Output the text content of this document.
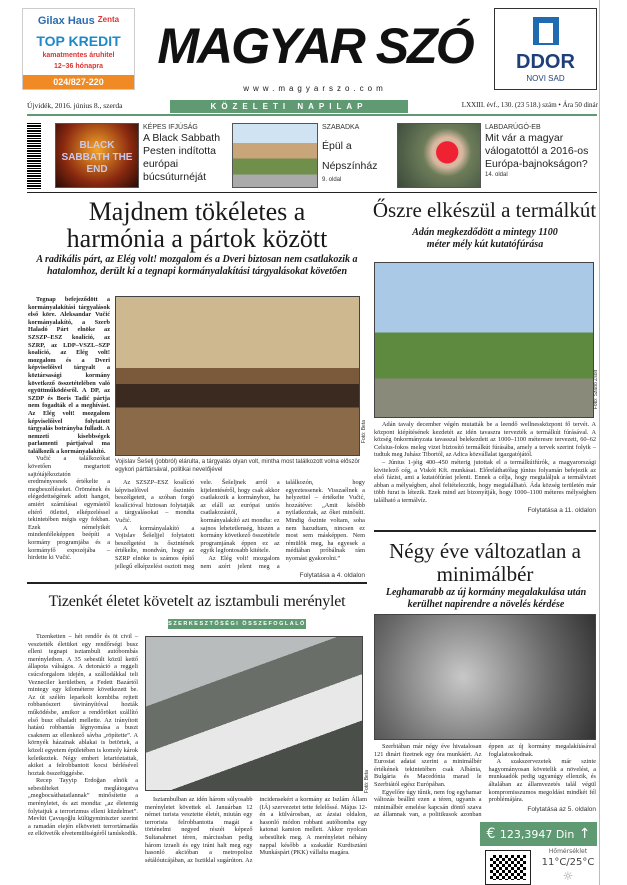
Gilax Haus $^{Zenta}$
TOP KREDIT
kamatmentes áruhitel
12–36 hónapra
024/827-220
MAGYAR SZÓ
www.magyarszo.com
DDOR
NOVI SAD
Újvidék, 2016. június 8., szerda	KÖZELETI NAPILAP	LXXIII. évf., 130. (23 518.) szám • Ára 50 dinár
BLACK SABBATH THE END
KÉPES IFJÚSÁG
A Black Sabbath Pesten indította európai búcsúturnéját
SZABADKA
Épül a Népszínház
9. oldal
LABDARÚGÓ-EB
Mit vár a magyar válogatottól a 2016-os Európa-bajnokságon?
14. oldal
Majdnem tökéletes a harmónia a pártok között
A radikális párt, az Elég volt! mozgalom és a Dveri biztosan nem csatlakozik a hatalomhoz, derült ki a tegnapi kormányalakítási tárgyalásokat követően

Tegnap befejeződött a kormányalakítási tárgyalások első köre. Aleksandar Vučić kormányalakító, a Szerb Haladó Párt elnöke az SZSZP–ESZ koalíció, az SZRP, az LDP–VSZL–SZP koalíció, az Elég volt! mozgalom és a Dveri képviselőivel tárgyalt a köztársasági kormány következő összetételében való együttműködésről. A DP, az SZDP és Boris Tadić pártja nem fogadták el a meghívást. Az Elég volt! mozgalom képviselőivel folytatott tárgyalás botrányba fulladt. A nemzeti kisebbségek parlamenti pártjaival ma találkozik a kormányalakító.

Vučić a találkozókat követően megtartott sajtótájékoztatón eredményesnek értékelte a megbeszéléseket. Örömének és elégedettségének adott hangot, amiért számításai egymástól eltérő ötlettel, elképzeléssel tekintetében mégis egy fokban. Ezek némelyikét mindenféleképpen beépíti a kormány programjába és a kormányfő expozéjába – hirdette ki Vučić.

Fotó: Beta
Vojislav Šešelj (jobbról) elárulta, a tárgyalás olyan volt, mintha most találkozott volna először egykori párttársával, politikai nevelőjével

Az SZSZP–ESZ koalíció képviselőivel őszintén beszélgetett, a szóban forgó koalícióval biztosan folytatják a tárgyalásokat – mondta Vučić.

A kormányalakító a Vojislav Šešeljjel folytatott beszélgetést is őszintének értékelte, mondván, hogy az SZRP elnöke is számos építő jellegű elképzelést osztott meg vele. Šešeljnek arról a kijelentéséről, hogy csak akkor csatlakozik a kormányhoz, ha az eláll az európai uniós csatlakozástól, a kormányalakító azt mondta: ez sajnos lehetetlenség, hiszen a kormány következő összetétele programjának éppen ez az egyik legfontosabb kitétele.

Az Elég volt! mozgalom nem azért jelent meg a találkozón, hogy egyeztessenek. Visszaélnek a helyzettel – értékelte Vučić, hozzátéve: „Amit később nyilatkoztak, az őket minősíti. Mindig őszinte voltam, soha nem hazudtam, nincsen ez most sem másképpen. Nem rémülök meg, ha egyesek a médiában próbálnak rám nyomást gyakorolni.”

Folytatása a 4. oldalon
Tizenkét életet követelt az isztambuli merénylet
SZERKESZTŐSÉGI ÖSSZEFOGLALÓ

Tizenketten – hét rendőr és öt civil – vesztették életüket egy rendőrségi busz elleni tegnapi isztambuli autóbombás merényletben. A 35 sebesült közül kettő állapota válságos. A detonáció a reggeli csúcsforgalom idején, a szállodákkal teli Vezneciler kerületben, a Fedett Bazártól mintegy egy kilométerre következett be. Az út szélén leparkolt kombiba rejtett robbanószert távirányítóval hozták működésbe, amikor a rendőröket szállító első busz elhaladt mellette. Az irányított hatású robbantás légnyomása a buszt csaknem az ellenkező sávba „röpítette”. A környék házainak ablakai is betörtek, a közeli egyetem épületében is komoly károk keletkeztek. Négy embert letartóztattak, akiket a felrobbantott kocsi bérlésével hoztak összefüggésbe.

Recep Tayyip Erdoğan elnök a sebesülteket meglátogatva „megbocsáthatatlannak” minősítette a merényletet, és azt mondta: „az életemig folytatjuk a terrorizmus elleni küzdelmet”. Mevlüt Çavuşoğlu külügyminiszter szerint a ramadán elején elkövetett terrortámadás ez elkövetők elvetemültségéről tanúskodik.

Fotó: Beta

Isztambulban az idén három súlyosabb merényletet követtek el. Januárban 12 német turista vesztette életét, miután egy terrorista felrobbantotta magát a történelmi negyed részét képező Sultanahmet téren, márciusban pedig három izraeli és egy iráni halt meg egy hasonló akcióban a metropolisz sétálóutcájában, az Isztiklal sugárúton. Az incidensekért a kormány az Iszlám Állam (IÁ) szervezetet tette felelőssé. Május 12-én a külvárosban, az ázsiai oldalon, hasonló módon robbant autóbomba egy katonai kamion mellett. Akkor nyolcan sebesültek meg. A merényletet néhány nappal később a szakadár Kurdisztáni Munkáspárt (PKK) vállalta magára.

Őszre elkészül a termálkút
Adán megkezdődött a mintegy 1100 méter mély kút kutatófúrása
Fotó: Szabó Zsolt

Adán tavaly december végén mutatták be a leendő wellnessközpont fő tervét. A központ kiépítésének kezdetét az idén tavaszra tervezték a termálkút fúrásával. A község önkormányzata tavasszal belekezdett az 1000–1100 méteresre tervezett, 60–62 Celsius-fokos meleg vizet biztosító termálkút fúrásába, amely a tervek szerint folyik – tudtuk meg Juhász Tibortól, az Adica közvállalat igazgatójától.

– Június 1-jéig 400–450 méterig jutottak el a termálkútfúrók, a magyarországi kivitelező cég, a Viskót Kft. munkásai. Előreláthatólag június folyamán befejezik az első fázist, ami a kutatófúrást jelenti. Ennek a célja, hogy megtaláljuk a termálvizet abban a mélységben, ahol feltételezzük, hogy megtalálható. Áda község területén már több furat is létezik. Ezek mind azt bizonyítják, hogy 1000–1100 méteres mélységben található a termálvíz.

Folytatása a 11. oldalon
Négy éve változatlan a minimálbér
Leghamarabb az új kormány megalakulása után kerülhet napirendre a növelés kérdése

Szerbiában már négy éve hivatalosan 121 dinárt fizetnek egy óra munkáért. Az Eurostat adatai szerint a minimálbér értékének tekintetében csak Albánia, Bulgária és Macedónia marad le Szerbiától egész Európában.

Egyelőre úgy tűnik, nem fog egyhamar változás beállni ezen a téren, ugyanis a minimálbér emelése kapcsán döntő szava az államnak van, a politikusok azonban éppen az új kormány megalakításával foglalatoskodnak.

A szakszervezetek már szinte hagyományosan követelik a növelést, a munkaadók pedig ugyanúgy ellenzik, és általában az államvezetés talál végül kompromisszumos megoldást mindkét fél problémájára.

Folytatása az 5. oldalon
€ 123,3947 Din ↑
Hőmérséklet
11°C/25°C
☼
